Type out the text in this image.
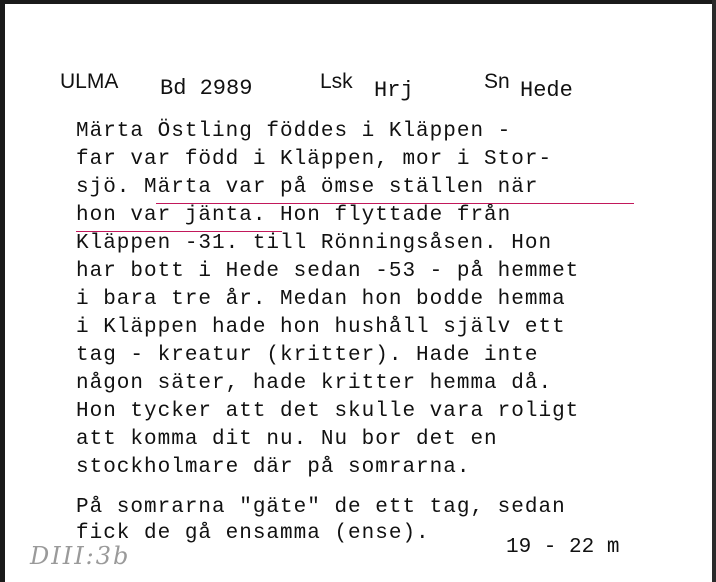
ULMA Bd 2989	Lsk Hrj	Sn Hede
Märta Östling föddes i Kläppen -
far var född i Kläppen, mor i Stor-
sjö. Märta var på ömse ställen när
hon var jänta. Hon flyttade från
Kläppen -31. till Rönningsåsen. Hon
har bott i Hede sedan -53 - på hemmet
i bara tre år. Medan hon bodde hemma
i Kläppen hade hon hushåll själv ett
tag - kreatur (kritter). Hade inte
någon säter, hade kritter hemma då.
Hon tycker att det skulle vara roligt
att komma dit nu. Nu bor det en
stockholmare där på somrarna.
På somrarna "gäte" de ett tag, sedan
fick de gå ensamma (ense).
19 - 22 m
DIII:3b
